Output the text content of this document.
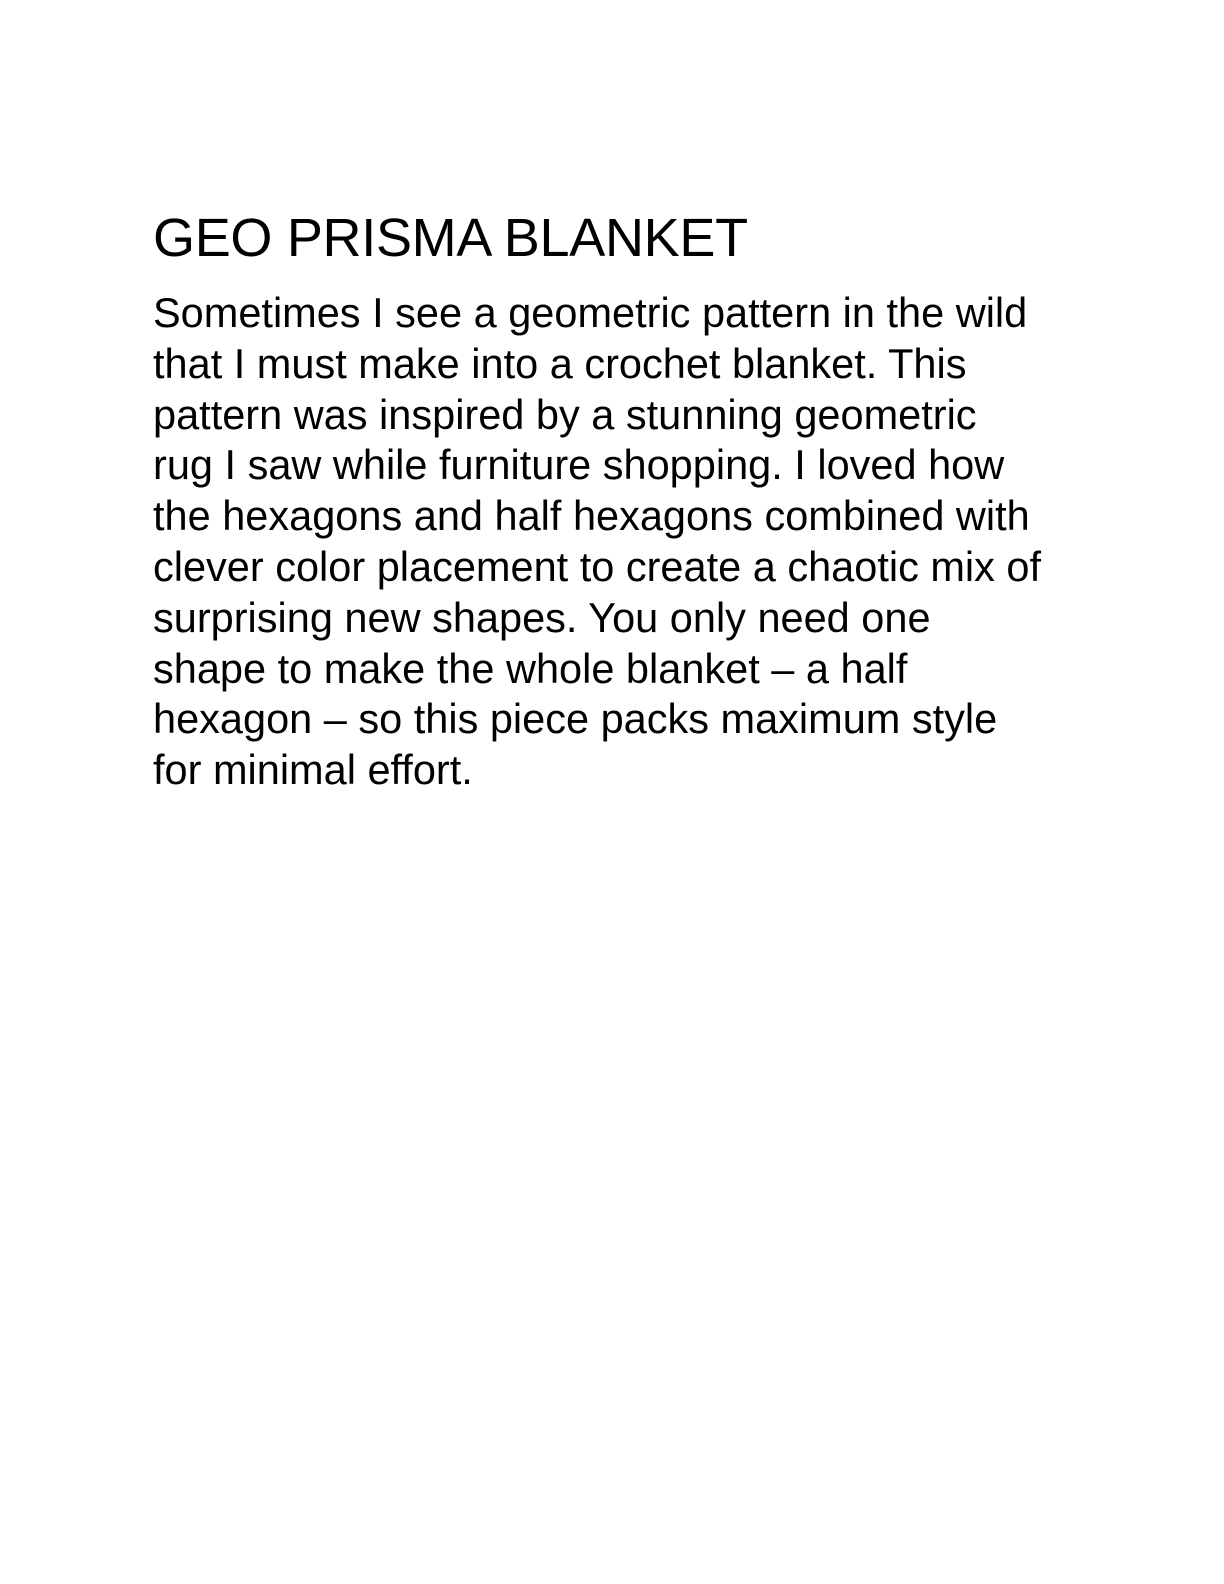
GEO PRISMA BLANKET

Sometimes I see a geometric pattern in the wild
that I must make into a crochet blanket. This
pattern was inspired by a stunning geometric
rug I saw while furniture shopping. I loved how
the hexagons and half hexagons combined with
clever color placement to create a chaotic mix of
surprising new shapes. You only need one
shape to make the whole blanket – a half
hexagon – so this piece packs maximum style
for minimal effort.
